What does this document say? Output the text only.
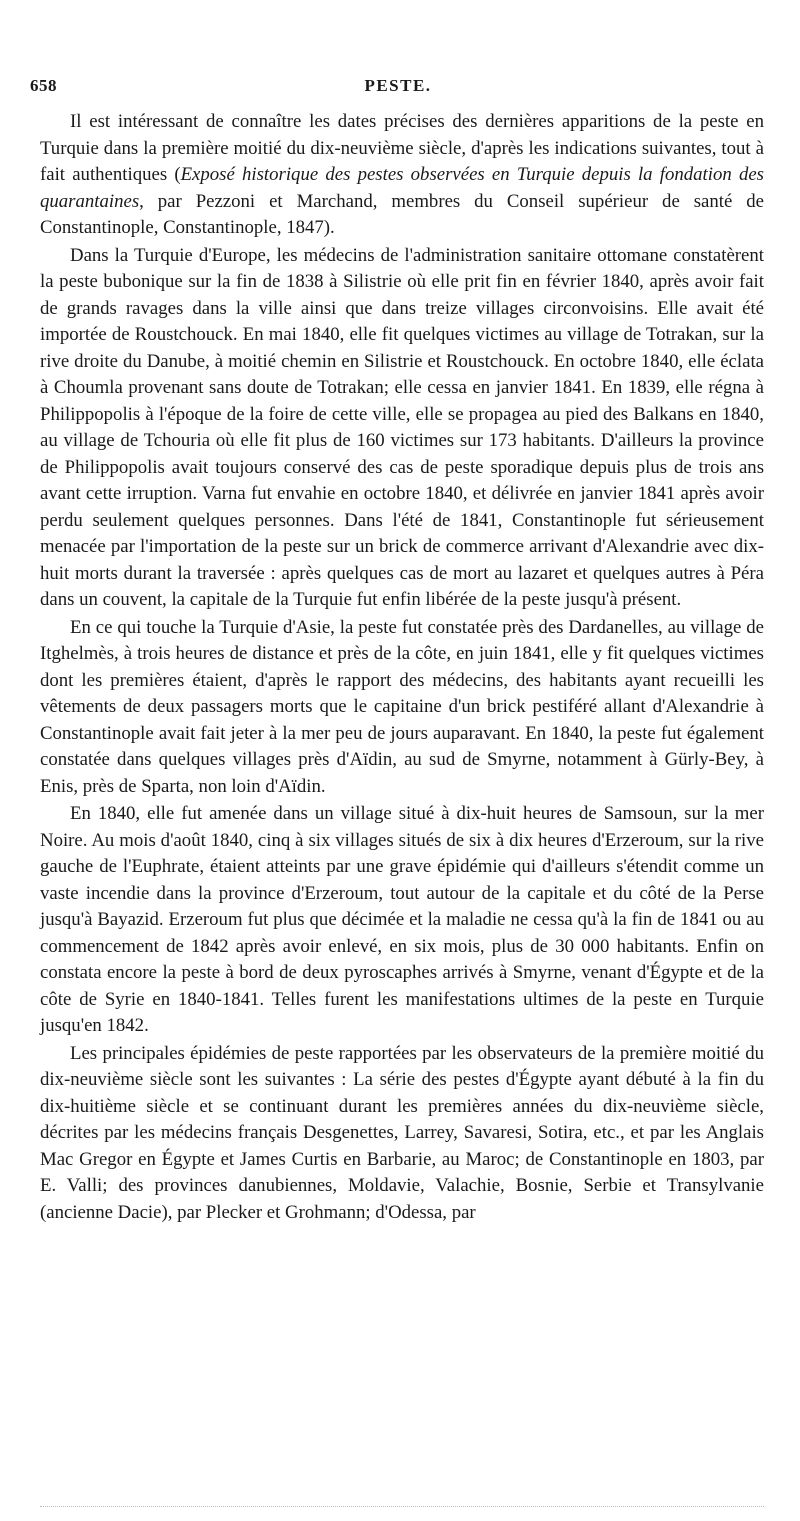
658	PESTE.

Il est intéressant de connaître les dates précises des dernières apparitions de la peste en Turquie dans la première moitié du dix-neuvième siècle, d'après les indications suivantes, tout à fait authentiques (Exposé historique des pestes observées en Turquie depuis la fondation des quarantaines, par Pezzoni et Marchand, membres du Conseil supérieur de santé de Constantinople, Constantinople, 1847).

Dans la Turquie d'Europe, les médecins de l'administration sanitaire ottomane constatèrent la peste bubonique sur la fin de 1838 à Silistrie où elle prit fin en février 1840, après avoir fait de grands ravages dans la ville ainsi que dans treize villages circonvoisins. Elle avait été importée de Roustchouck. En mai 1840, elle fit quelques victimes au village de Totrakan, sur la rive droite du Danube, à moitié chemin en Silistrie et Roustchouck. En octobre 1840, elle éclata à Choumla provenant sans doute de Totrakan; elle cessa en janvier 1841. En 1839, elle régna à Philippopolis à l'époque de la foire de cette ville, elle se propagea au pied des Balkans en 1840, au village de Tchouria où elle fit plus de 160 victimes sur 173 habitants. D'ailleurs la province de Philippopolis avait toujours conservé des cas de peste sporadique depuis plus de trois ans avant cette irruption. Varna fut envahie en octobre 1840, et délivrée en janvier 1841 après avoir perdu seulement quelques personnes. Dans l'été de 1841, Constantinople fut sérieusement menacée par l'importation de la peste sur un brick de commerce arrivant d'Alexandrie avec dix-huit morts durant la traversée : après quelques cas de mort au lazaret et quelques autres à Péra dans un couvent, la capitale de la Turquie fut enfin libérée de la peste jusqu'à présent.

En ce qui touche la Turquie d'Asie, la peste fut constatée près des Dardanelles, au village de Itghelmès, à trois heures de distance et près de la côte, en juin 1841, elle y fit quelques victimes dont les premières étaient, d'après le rapport des médecins, des habitants ayant recueilli les vêtements de deux passagers morts que le capitaine d'un brick pestiféré allant d'Alexandrie à Constantinople avait fait jeter à la mer peu de jours auparavant. En 1840, la peste fut également constatée dans quelques villages près d'Aïdin, au sud de Smyrne, notamment à Gürly-Bey, à Enis, près de Sparta, non loin d'Aïdin.

En 1840, elle fut amenée dans un village situé à dix-huit heures de Samsoun, sur la mer Noire. Au mois d'août 1840, cinq à six villages situés de six à dix heures d'Erzeroum, sur la rive gauche de l'Euphrate, étaient atteints par une grave épidémie qui d'ailleurs s'étendit comme un vaste incendie dans la province d'Erzeroum, tout autour de la capitale et du côté de la Perse jusqu'à Bayazid. Erzeroum fut plus que décimée et la maladie ne cessa qu'à la fin de 1841 ou au commencement de 1842 après avoir enlevé, en six mois, plus de 30 000 habitants. Enfin on constata encore la peste à bord de deux pyroscaphes arrivés à Smyrne, venant d'Égypte et de la côte de Syrie en 1840-1841. Telles furent les manifestations ultimes de la peste en Turquie jusqu'en 1842.

Les principales épidémies de peste rapportées par les observateurs de la première moitié du dix-neuvième siècle sont les suivantes : La série des pestes d'Égypte ayant débuté à la fin du dix-huitième siècle et se continuant durant les premières années du dix-neuvième siècle, décrites par les médecins français Desgenettes, Larrey, Savaresi, Sotira, etc., et par les Anglais Mac Gregor en Égypte et James Curtis en Barbarie, au Maroc; de Constantinople en 1803, par E. Valli; des provinces danubiennes, Moldavie, Valachie, Bosnie, Serbie et Transylvanie (ancienne Dacie), par Plecker et Grohmann; d'Odessa, par
